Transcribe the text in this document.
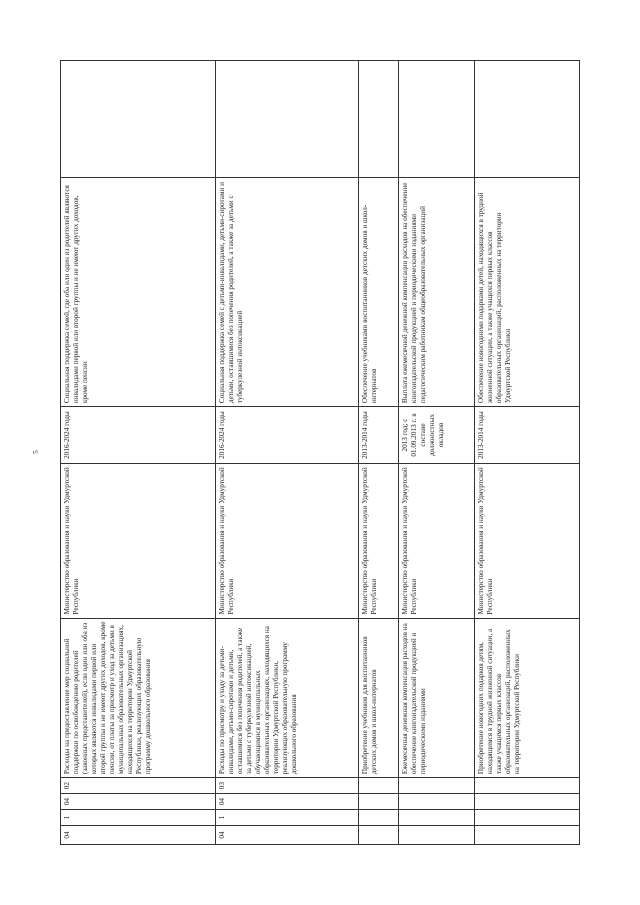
5
04
1
04
02
Расходы на предоставление мер социальной поддержки по освобождению родителей (законных представителей), если один или оба из которых являются инвалидами первой или второй группы и не имеют других доходов, кроме пенсии, от платы за присмотр и уход за детьми в муниципальных образовательных организациях, находящихся на территории Удмуртской Республики, реализующих образовательную программу дошкольного образования
Министерство образования и науки Удмуртской Республики
2016-2024 годы
Социальная поддержка семей, где оба или один из родителей являются инвалидами первой или второй группы и не имеют других доходов, кроме пенсии
04
1
04
03
Расходы по присмотру и уходу за детьми-инвалидами, детьми-сиротами и детьми, оставшимися без попечения родителей, а также за детьми с туберкулезной интоксикацией, обучающимися в муниципальных образовательных организациях, находящихся на территории Удмуртской Республики, реализующих образовательную программу дошкольного образования
Министерство образования и науки Удмуртской Республики
2016-2024 годы
Социальная поддержка семей с детьми-инвалидами, детьми-сиротами и детьми, оставшимися без попечения родителей, а также за детьми с туберкулезной интоксикацией
Приобретение учебников для воспитанников детских домов и школ-интернатов
Министерство образования и науки Удмуртской Республики
2013-2014 годы
Обеспечение учебниками воспитанников детских домов и школ-интернатов
Ежемесячная денежная компенсация расходов на обеспечение книгоиздательской продукцией и периодическими изданиями
Министерство образования и науки Удмуртской Республики
2013 год; с 01.09.2013 г. в составе должностных окладов
Выплата ежемесячной денежной компенсации расходов на обеспечение книгоиздательской продукцией и периодическими изданиями педагогическим работникам общеобразовательных организаций
Приобретение новогодних подарков детям, находящимся в трудной жизненной ситуации, а также учащимся первых классов образовательных организаций, расположенных на территории Удмуртской Республики
Министерство образования и науки Удмуртской Республики
2013-2014 годы
Обеспечение новогодними подарками детей, находящихся в трудной жизненной ситуации, а также учащихся первых классов образовательных организаций, расположенных на территории Удмуртской Республики
